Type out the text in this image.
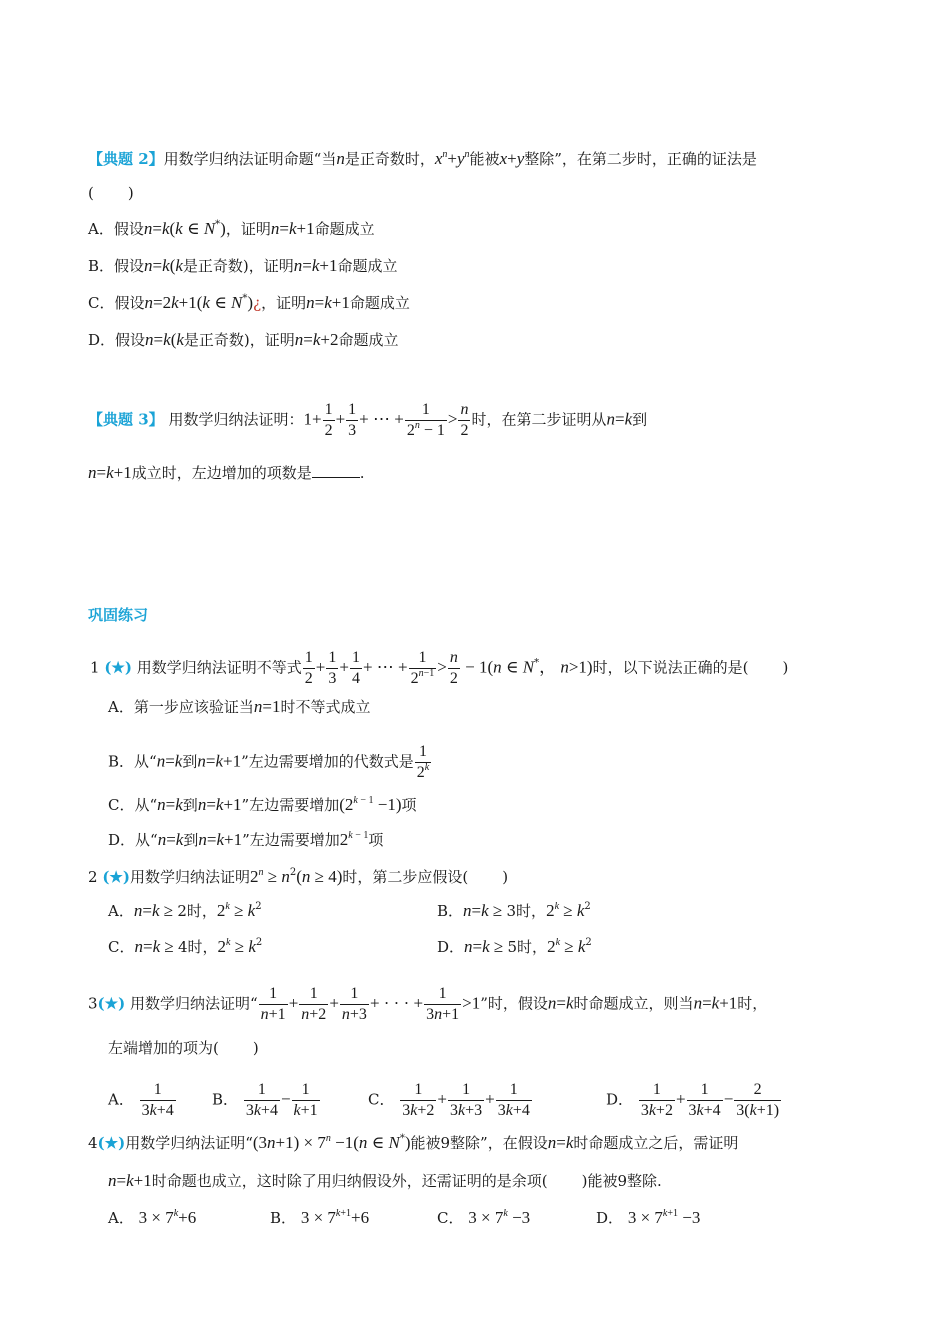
【典题 2】用数学归纳法证明命题“当n是正奇数时，$x^n+y^n$能被x+y整除”，在第二步时，正确的证法是
( )
A．假设n=k(k ∈ N*)，证明n=k+1命题成立
B．假设n=k(k是正奇数)，证明n=k+1命题成立
C．假设n=2k+1(k ∈ N*)¿，证明n=k+1命题成立
D．假设n=k(k是正奇数)，证明n=k+2命题成立
【典题 3】 用数学归纳法证明：$1+ \frac{1}{2} + \frac{1}{3}$ + ⋯ + $\frac{1}{2^n - 1} > \frac{n}{2}$ 时，在第二步证明从n=k到
n=k+1成立时，左边增加的项数是	.
巩固练习
1 (★) 用数学归纳法证明不等式 $\frac{1}{2} + \frac{1}{3} + \frac{1}{4}$ + ⋯ + $\frac{1}{2^{n-1}} > \frac{n}{2} - 1(n$ ∈ N*， n>1)时，以下说法正确的是( )
A．第一步应该验证当n=1时不等式成立
B．从“n=k到n=k+1”左边需要增加的代数式是 $\frac{1}{2^k}$
C．从“n=k到n=k+1”左边需要增加$(2^{k - 1} -1)$项
D．从“n=k到n=k+1”左边需要增加$2^{k - 1}$项
2 (★)用数学归纳法证明$2^n \ge n^2(n \ge 4)$时，第二步应假设( )
A．n=k ≥ 2时，$2^k \ge k^2$	B．n=k ≥ 3时，$2^k \ge k^2$
C．n=k ≥ 4时，$2^k \ge k^2$	D．n=k ≥ 5时，$2^k \ge k^2$
3(★) 用数学归纳法证明“ $\frac{1}{n+1} + \frac{1}{n+2} + \frac{1}{n+3}$ + · · · + $\frac{1}{3n+1} >1$”时，假设n=k时命题成立，则当n=k+1时，
左端增加的项为( )
A． $\frac{1}{3k+4}$ B． $\frac{1}{3k+4} - \frac{1}{k+1}$	C． $\frac{1}{3k+2} + \frac{1}{3k+3} + \frac{1}{3k+4}$	D． $\frac{1}{3k+2} + \frac{1}{3k+4} - \frac{2}{3(k+1)}$
4(★)用数学归纳法证明“$(3n+1) \times 7^n -1(n$ ∈ N*)能被9整除”，在假设n=k时命题成立之后，需证明
n=k+1时命题也成立，这时除了用归纳假设外，还需证明的是余项( )能被9整除.
A． $3 \times 7^k+6$	B． $3 \times 7^{k+1}+6$	C． $3 \times 7^k -3$	D． $3 \times 7^{k+1} -3$
